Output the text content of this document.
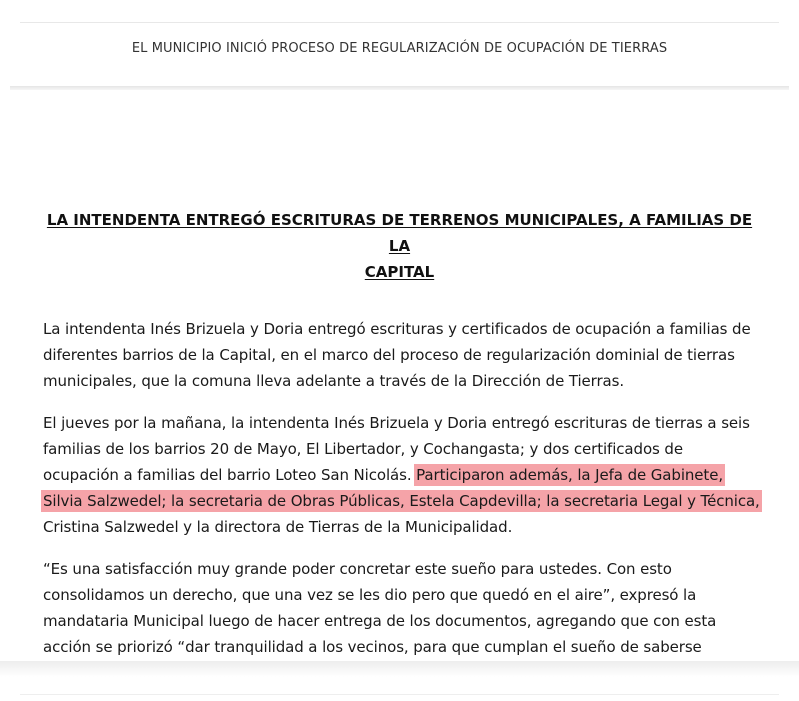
EL MUNICIPIO INICIÓ PROCESO DE REGULARIZACIÓN DE OCUPACIÓN DE TIERRAS
LA INTENDENTA ENTREGÓ ESCRITURAS DE TERRENOS MUNICIPALES, A FAMILIAS DE LA
CAPITAL
La intendenta Inés Brizuela y Doria entregó escrituras y certificados de ocupación a familias de
diferentes barrios de la Capital, en el marco del proceso de regularización dominial de tierras
municipales, que la comuna lleva adelante a través de la Dirección de Tierras.
El jueves por la mañana, la intendenta Inés Brizuela y Doria entregó escrituras de tierras a seis
familias de los barrios 20 de Mayo, El Libertador, y Cochangasta; y dos certificados de
ocupación a familias del barrio Loteo San Nicolás. Participaron además, la Jefa de Gabinete,
Silvia Salzwedel; la secretaria de Obras Públicas, Estela Capdevilla; la secretaria Legal y Técnica,
Cristina Salzwedel y la directora de Tierras de la Municipalidad.
“Es una satisfacción muy grande poder concretar este sueño para ustedes. Con esto
consolidamos un derecho, que una vez se les dio pero que quedó en el aire”, expresó la
mandataria Municipal luego de hacer entrega de los documentos, agregando que con esta
acción se priorizó “dar tranquilidad a los vecinos, para que cumplan el sueño de saberse
